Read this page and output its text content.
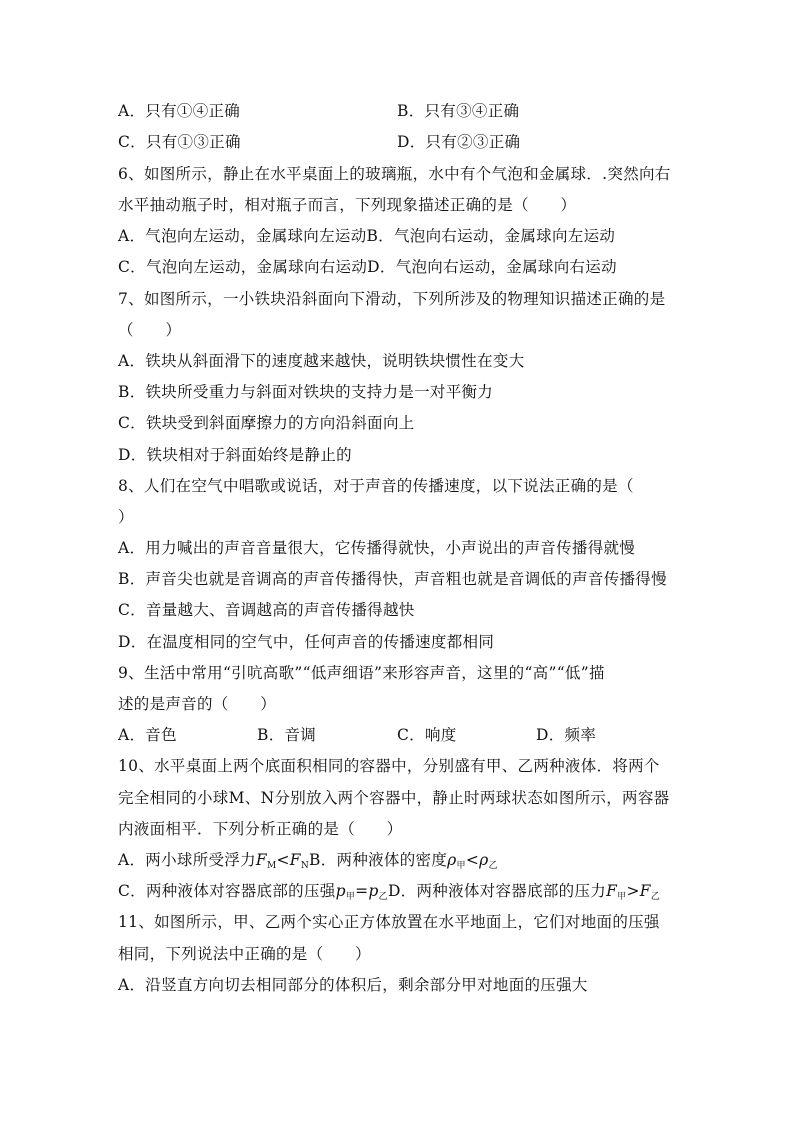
A．只有①④正确	B．只有③④正确
C．只有①③正确	D．只有②③正确
6、如图所示，静止在水平桌面上的玻璃瓶，水中有个气泡和金属球．.突然向右
水平抽动瓶子时，相对瓶子而言，下列现象描述正确的是（　　）
A．气泡向左运动，金属球向左运动B．气泡向右运动，金属球向左运动
C．气泡向左运动，金属球向右运动D．气泡向右运动，金属球向右运动
7、如图所示，一小铁块沿斜面向下滑动，下列所涉及的物理知识描述正确的是
（　　）
A．铁块从斜面滑下的速度越来越快，说明铁块惯性在变大
B．铁块所受重力与斜面对铁块的支持力是一对平衡力
C．铁块受到斜面摩擦力的方向沿斜面向上
D．铁块相对于斜面始终是静止的
8、人们在空气中唱歌或说话，对于声音的传播速度，以下说法正确的是（
）
A．用力喊出的声音音量很大，它传播得就快，小声说出的声音传播得就慢
B．声音尖也就是音调高的声音传播得快，声音粗也就是音调低的声音传播得慢
C．音量越大、音调越高的声音传播得越快
D．在温度相同的空气中，任何声音的传播速度都相同
9、生活中常用“引吭高歌”“低声细语”来形容声音，这里的“高”“低”描
述的是声音的（　　）
A．音色	B．音调	C．响度	D．频率
10、水平桌面上两个底面积相同的容器中，分别盛有甲、乙两种液体．将两个
完全相同的小球M、N分别放入两个容器中，静止时两球状态如图所示，两容器
内液面相平．下列分析正确的是（　　）
A．两小球所受浮力$F_M<F_NB$．两种液体的密度$\rho_甲<\rho_乙$
C．两种液体对容器底部的压强$p_甲=p_乙D$．两种液体对容器底部的压力$F_甲>F_乙$
11、如图所示，甲、乙两个实心正方体放置在水平地面上，它们对地面的压强
相同，下列说法中正确的是（　　）
A．沿竖直方向切去相同部分的体积后，剩余部分甲对地面的压强大
